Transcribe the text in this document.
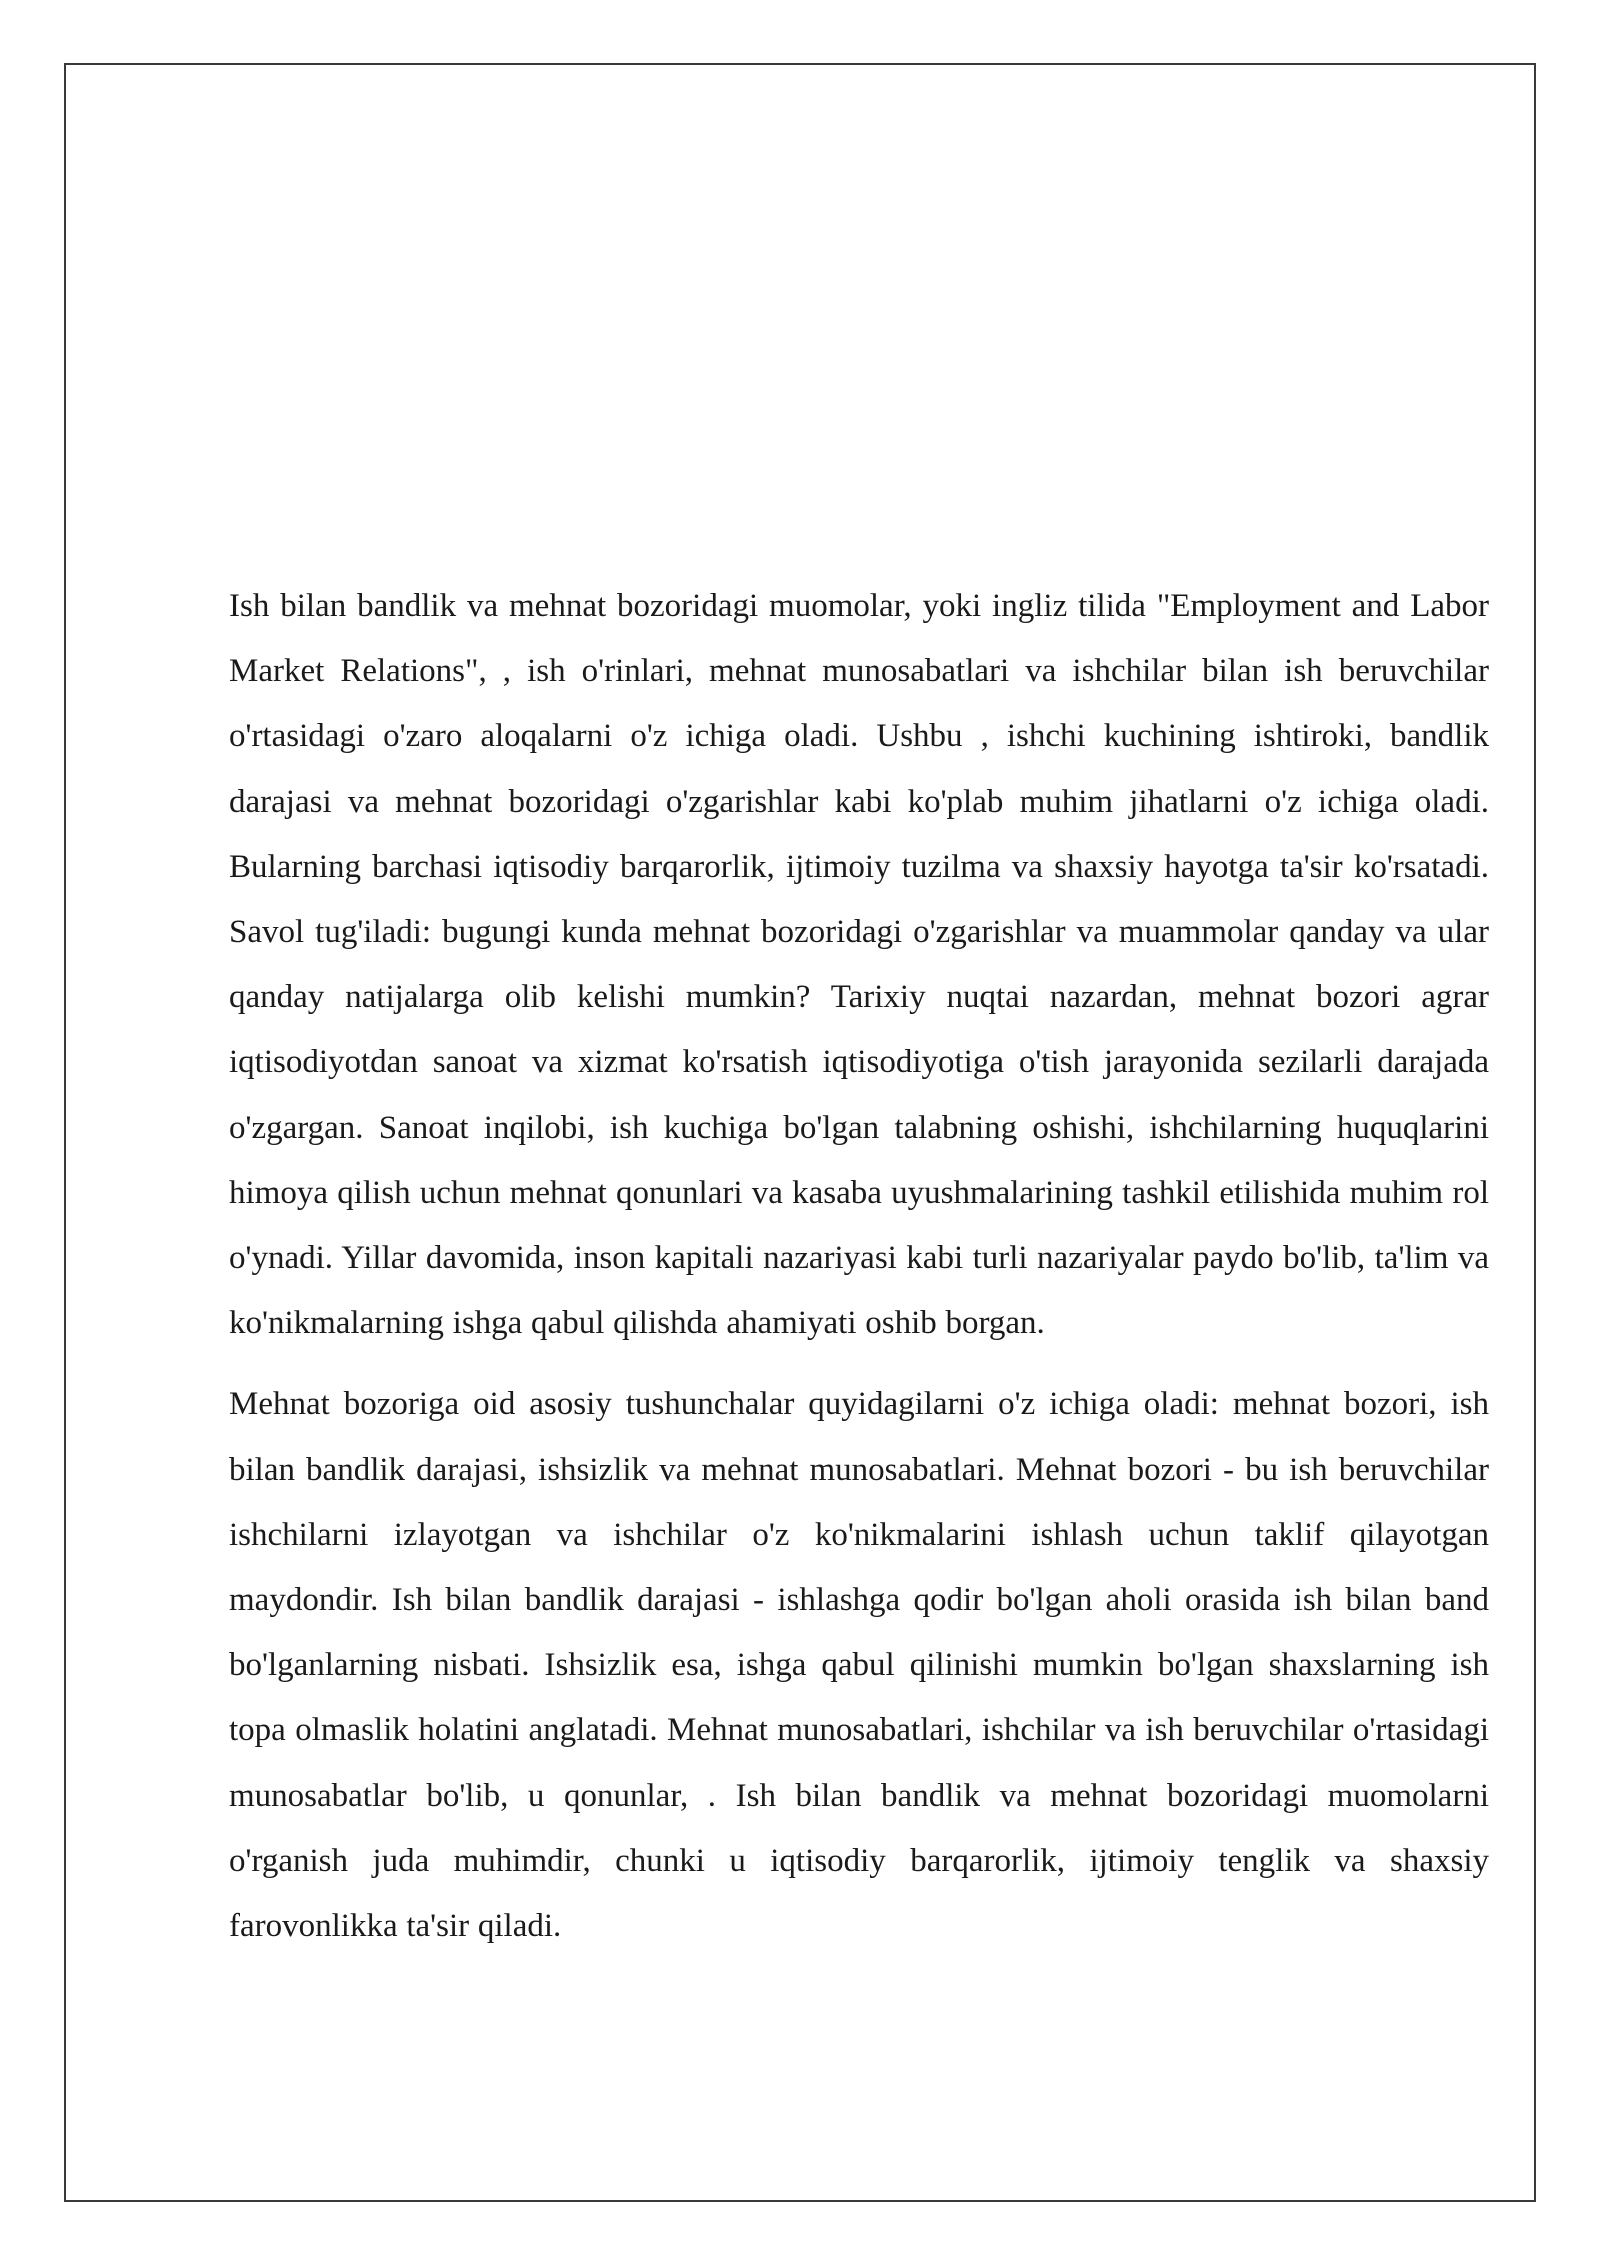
Ish bilan bandlik va mehnat bozoridagi muomolar, yoki ingliz tilida "Employment and Labor Market Relations", , ish o'rinlari, mehnat munosabatlari va ishchilar bilan ish beruvchilar o'rtasidagi o'zaro aloqalarni o'z ichiga oladi. Ushbu , ishchi kuchining ishtiroki, bandlik darajasi va mehnat bozoridagi o'zgarishlar kabi ko'plab muhim jihatlarni o'z ichiga oladi. Bularning barchasi iqtisodiy barqarorlik, ijtimoiy tuzilma va shaxsiy hayotga ta'sir ko'rsatadi. Savol tug'iladi: bugungi kunda mehnat bozoridagi o'zgarishlar va muammolar qanday va ular qanday natijalarga olib kelishi mumkin? Tarixiy nuqtai nazardan, mehnat bozori agrar iqtisodiyotdan sanoat va xizmat ko'rsatish iqtisodiyotiga o'tish jarayonida sezilarli darajada o'zgargan. Sanoat inqilobi, ish kuchiga bo'lgan talabning oshishi, ishchilarning huquqlarini himoya qilish uchun mehnat qonunlari va kasaba uyushmalarining tashkil etilishida muhim rol o'ynadi. Yillar davomida, inson kapitali nazariyasi kabi turli nazariyalar paydo bo'lib, ta'lim va ko'nikmalarning ishga qabul qilishda ahamiyati oshib borgan.

Mehnat bozoriga oid asosiy tushunchalar quyidagilarni o'z ichiga oladi: mehnat bozori, ish bilan bandlik darajasi, ishsizlik va mehnat munosabatlari. Mehnat bozori - bu ish beruvchilar ishchilarni izlayotgan va ishchilar o'z ko'nikmalarini ishlash uchun taklif qilayotgan maydondir. Ish bilan bandlik darajasi - ishlashga qodir bo'lgan aholi orasida ish bilan band bo'lganlarning nisbati. Ishsizlik esa, ishga qabul qilinishi mumkin bo'lgan shaxslarning ish topa olmaslik holatini anglatadi. Mehnat munosabatlari, ishchilar va ish beruvchilar o'rtasidagi munosabatlar bo'lib, u qonunlar, . Ish bilan bandlik va mehnat bozoridagi muomolarni o'rganish juda muhimdir, chunki u iqtisodiy barqarorlik, ijtimoiy tenglik va shaxsiy farovonlikka ta'sir qiladi.
